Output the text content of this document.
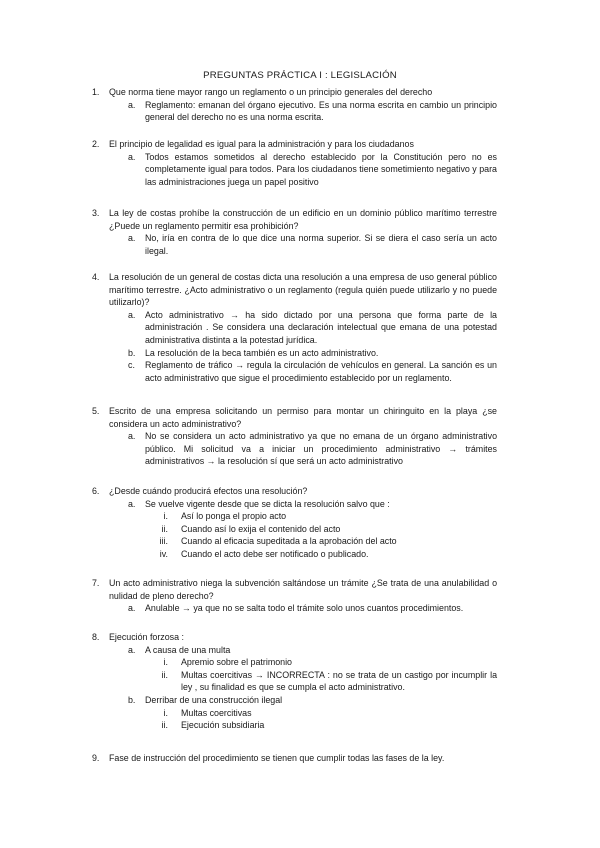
PREGUNTAS PRÁCTICA I : LEGISLACIÓN
1. Que norma tiene mayor rango un reglamento o un principio generales del derecho
a. Reglamento: emanan del órgano ejecutivo. Es una norma escrita en cambio un principio general del derecho no es una norma escrita.
2. El principio de legalidad es igual para la administración y para los ciudadanos
a. Todos estamos sometidos al derecho establecido por la Constitución pero no es completamente igual para todos. Para los ciudadanos tiene sometimiento negativo y para las administraciones juega un papel positivo
3. La ley de costas prohíbe la construcción de un edificio en un dominio público marítimo terrestre ¿Puede un reglamento permitir esa prohibición?
a. No, iría en contra de lo que dice una norma superior. Si se diera el caso sería un acto ilegal.
4. La resolución de un general de costas dicta una resolución a una empresa de uso general público marítimo terrestre. ¿Acto administrativo o un reglamento (regula quién puede utilizarlo y no puede utilizarlo)?
a. Acto administrativo → ha sido dictado por una persona que forma parte de la administración . Se considera una declaración intelectual que emana de una potestad administrativa distinta a la potestad jurídica.
b. La resolución de la beca también es un acto administrativo.
c. Reglamento de tráfico → regula la circulación de vehículos en general. La sanción es un acto administrativo que sigue el procedimiento establecido por un reglamento.
5. Escrito de una empresa solicitando un permiso para montar un chiringuito en la playa ¿se considera un acto administrativo?
a. No se considera un acto administrativo ya que no emana de un órgano administrativo público. Mi solicitud va a iniciar un procedimiento administrativo → trámites administrativos → la resolución sí que será un acto administrativo
6. ¿Desde cuándo producirá efectos una resolución?
a. Se vuelve vigente desde que se dicta la resolución salvo que :
i. Así lo ponga el propio acto
ii. Cuando así lo exija el contenido del acto
iii. Cuando al eficacia supeditada a la aprobación del acto
iv. Cuando el acto debe ser notificado o publicado.
7. Un acto administrativo niega la subvención saltándose un trámite ¿Se trata de una anulabilidad o nulidad de pleno derecho?
a. Anulable → ya que no se salta todo el trámite solo unos cuantos procedimientos.
8. Ejecución forzosa :
a. A causa de una multa
i. Apremio sobre el patrimonio
ii. Multas coercitivas → INCORRECTA : no se trata de un castigo por incumplir la ley , su finalidad es que se cumpla el acto administrativo.
b. Derribar de una construcción ilegal
i. Multas coercitivas
ii. Ejecución subsidiaria
9. Fase de instrucción del procedimiento se tienen que cumplir todas las fases de la ley.
